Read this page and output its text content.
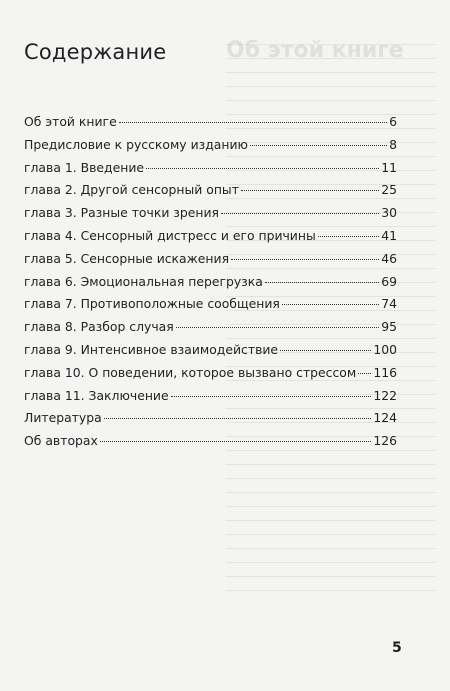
Об этой книге
Содержание
Об этой книге	6
Предисловие к русскому изданию	8
глава 1. Введение	11
глава 2. Другой сенсорный опыт	25
глава 3. Разные точки зрения	30
глава 4. Сенсорный дистресс и его причины	41
глава 5. Сенсорные искажения	46
глава 6. Эмоциональная перегрузка	69
глава 7. Противоположные сообщения	74
глава 8. Разбор случая	95
глава 9. Интенсивное взаимодействие	100
глава 10. О поведении, которое вызвано стрессом 116
глава 11. Заключение	122
Литература	124
Об авторах	126
5
